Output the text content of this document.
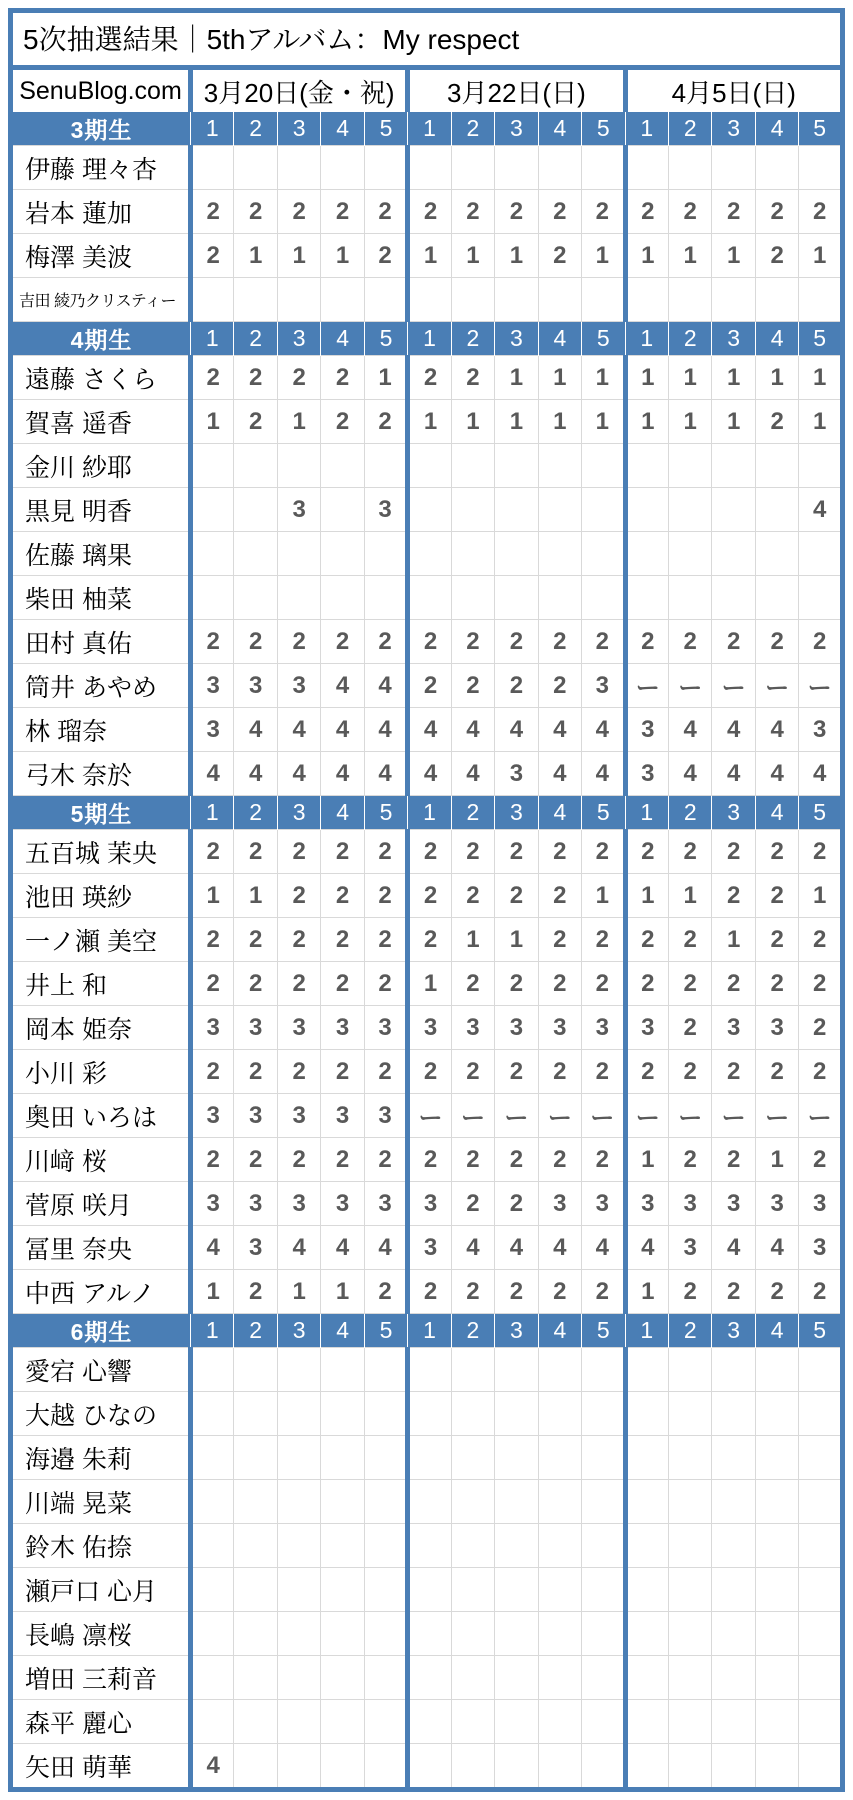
5次抽選結果｜5thアルバム：My respect															
SenuBlog.com	3月20日(金・祝)					3月22日(日)					4月5日(日)				
3期生	1	2	3	4	5	1	2	3	4	5	1	2	3	4	5
伊藤 理々杏															
岩本 蓮加	2	2	2	2	2	2	2	2	2	2	2	2	2	2	2
梅澤 美波	2	1	1	1	2	1	1	1	2	1	1	1	1	2	1
吉田 綾乃クリスティー															
4期生	1	2	3	4	5	1	2	3	4	5	1	2	3	4	5
遠藤 さくら	2	2	2	2	1	2	2	1	1	1	1	1	1	1	1
賀喜 遥香	1	2	1	2	2	1	1	1	1	1	1	1	1	2	1
金川 紗耶															
黒見 明香			3		3										4
佐藤 璃果															
柴田 柚菜															
田村 真佑	2	2	2	2	2	2	2	2	2	2	2	2	2	2	2
筒井 あやめ	3	3	3	4	4	2	2	2	2	3	ー	ー	ー	ー	ー
林 瑠奈	3	4	4	4	4	4	4	4	4	4	3	4	4	4	3
弓木 奈於	4	4	4	4	4	4	4	3	4	4	3	4	4	4	4
5期生	1	2	3	4	5	1	2	3	4	5	1	2	3	4	5
五百城 茉央	2	2	2	2	2	2	2	2	2	2	2	2	2	2	2
池田 瑛紗	1	1	2	2	2	2	2	2	2	1	1	1	2	2	1
一ノ瀬 美空	2	2	2	2	2	2	1	1	2	2	2	2	1	2	2
井上 和	2	2	2	2	2	1	2	2	2	2	2	2	2	2	2
岡本 姫奈	3	3	3	3	3	3	3	3	3	3	3	2	3	3	2
小川 彩	2	2	2	2	2	2	2	2	2	2	2	2	2	2	2
奥田 いろは	3	3	3	3	3	ー	ー	ー	ー	ー	ー	ー	ー	ー	ー
川﨑 桜	2	2	2	2	2	2	2	2	2	2	1	2	2	1	2
菅原 咲月	3	3	3	3	3	3	2	2	3	3	3	3	3	3	3
冨里 奈央	4	3	4	4	4	3	4	4	4	4	4	3	4	4	3
中西 アルノ	1	2	1	1	2	2	2	2	2	2	1	2	2	2	2
6期生	1	2	3	4	5	1	2	3	4	5	1	2	3	4	5
愛宕 心響															
大越 ひなの															
海邉 朱莉															
川端 晃菜															
鈴木 佑捺															
瀬戸口 心月															
長嶋 凛桜															
増田 三莉音															
森平 麗心															
矢田 萌華	4														
